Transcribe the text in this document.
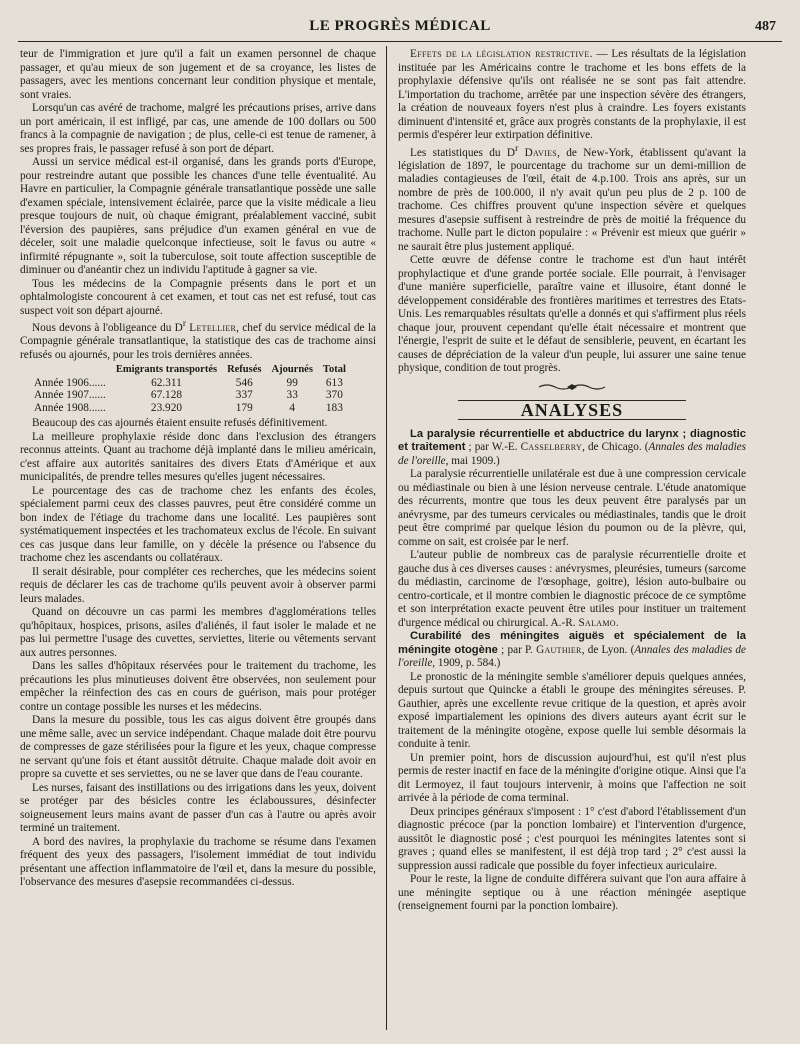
LE PROGRÈS MÉDICAL	487

teur de l'immigration et jure qu'il a fait un examen personnel de chaque passager, et qu'au mieux de son jugement et de sa croyance, les listes de passagers, avec les mentions concernant leur condition physique et mentale, sont vraies.

Lorsqu'un cas avéré de trachome, malgré les précautions prises, arrive dans un port américain, il est infligé, par cas, une amende de 100 dollars ou 500 francs à la compagnie de navigation ; de plus, celle-ci est tenue de ramener, à ses propres frais, le passager refusé à son port de départ.

Aussi un service médical est-il organisé, dans les grands ports d'Europe, pour restreindre autant que possible les chances d'une telle éventualité. Au Havre en particulier, la Compagnie générale transatlantique possède une salle d'examen spéciale, intensivement éclairée, parce que la visite médicale a lieu presque toujours de nuit, où chaque émigrant, préalablement vacciné, subit l'éversion des paupières, sans préjudice d'un examen général en vue de déceler, soit une maladie quelconque infectieuse, soit le favus ou autre « infirmité répugnante », soit la tuberculose, soit toute affection susceptible de diminuer ou d'anéantir chez un individu l'aptitude à gagner sa vie.

Tous les médecins de la Compagnie présents dans le port et un ophtalmologiste concourent à cet examen, et tout cas net est refusé, tout cas suspect voit son départ ajourné.

Nous devons à l'obligeance du $D^r$ Letellier, chef du service médical de la Compagnie générale transatlantique, la statistique des cas de trachome ainsi refusés ou ajournés, pour les trois dernières années.

	Emigrants transportés	Refusés	Ajournés	Total
Année 1906......	62.311	546	99	613
Année 1907......	67.128	337	33	370
Année 1908......	23.920	179	4	183

Beaucoup des cas ajournés étaient ensuite refusés définitivement.

La meilleure prophylaxie réside donc dans l'exclusion des étrangers reconnus atteints. Quant au trachome déjà implanté dans le milieu américain, c'est affaire aux autorités sanitaires des divers Etats d'Amérique et aux municipalités, de prendre telles mesures qu'elles jugent nécessaires.

Le pourcentage des cas de trachome chez les enfants des écoles, spécialement parmi ceux des classes pauvres, peut être considéré comme un bon index de l'étiage du trachome dans une localité. Les paupières sont systématiquement inspectées et les trachomateux exclus de l'école. En suivant ces cas jusque dans leur famille, on y décèle la présence ou l'absence du trachome chez les ascendants ou collatéraux.

Il serait désirable, pour compléter ces recherches, que les médecins soient requis de déclarer les cas de trachome qu'ils peuvent avoir à observer parmi leurs malades.

Quand on découvre un cas parmi les membres d'agglomérations telles qu'hôpitaux, hospices, prisons, asiles d'aliénés, il faut isoler le malade et ne pas lui permettre l'usage des cuvettes, serviettes, literie ou vêtements servant aux autres personnes.

Dans les salles d'hôpitaux réservées pour le traitement du trachome, les précautions les plus minutieuses doivent être observées, non seulement pour empêcher la réinfection des cas en cours de guérison, mais pour protéger contre un contage possible les nurses et les médecins.

Dans la mesure du possible, tous les cas aigus doivent être groupés dans une même salle, avec un service indépendant. Chaque malade doit être pourvu de compresses de gaze stérilisées pour la figure et les yeux, chaque compresse ne servant qu'une fois et étant aussitôt détruite. Chaque malade doit avoir en propre sa cuvette et ses serviettes, ou ne se laver que dans de l'eau courante.

Les nurses, faisant des instillations ou des irrigations dans les yeux, doivent se protéger par des bésicles contre les éclaboussures, désinfecter soigneusement leurs mains avant de passer d'un cas à l'autre ou après avoir terminé un traitement.

A bord des navires, la prophylaxie du trachome se résume dans l'examen fréquent des yeux des passagers, l'isolement immédiat de tout individu présentant une affection inflammatoire de l'œil et, dans la mesure du possible, l'observance des mesures d'asepsie recommandées ci-dessus.

Effets de la législation restrictive. — Les résultats de la législation instituée par les Américains contre le trachome et les bons effets de la prophylaxie défensive qu'ils ont réalisée ne se sont pas fait attendre. L'importation du trachome, arrêtée par une inspection sévère des étrangers, la création de nouveaux foyers n'est plus à craindre. Les foyers existants diminuent d'intensité et, grâce aux progrès constants de la prophylaxie, il est permis d'espérer leur extirpation définitive.

Les statistiques du $D^r$ Davies, de New-York, établissent qu'avant la législation de 1897, le pourcentage du trachome sur un demi-million de maladies contagieuses de l'œil, était de 4.p.100. Trois ans après, sur un nombre de près de 100.000, il n'y avait qu'un peu plus de 2 p. 100 de trachome. Ces chiffres prouvent qu'une inspection sévère et quelques mesures d'asepsie suffisent à restreindre de près de moitié la fréquence du trachome. Nulle part le dicton populaire : « Prévenir est mieux que guérir » ne saurait être plus justement appliqué.

Cette œuvre de défense contre le trachome est d'un haut intérêt prophylactique et d'une grande portée sociale. Elle pourrait, à l'envisager d'une manière superficielle, paraître vaine et illusoire, étant donné le développement considérable des frontières maritimes et terrestres des Etats-Unis. Les remarquables résultats qu'elle a donnés et qui s'affirment plus réels chaque jour, prouvent cependant qu'elle était nécessaire et montrent que l'énergie, l'esprit de suite et le défaut de sensiblerie, peuvent, en écartant les causes de dépréciation de la valeur d'un peuple, lui assurer une saine tenue physique, condition de tout progrès.

ANALYSES

La paralysie récurrentielle et abductrice du larynx ; diagnostic et traitement ; par W.-E. Casselberry, de Chicago. (Annales des maladies de l'oreille, mai 1909.)

La paralysie récurrentielle unilatérale est due à une compression cervicale ou médiastinale ou bien à une lésion nerveuse centrale. L'étude anatomique des récurrents, montre que tous les deux peuvent être paralysés par un anévrysme, par des tumeurs cervicales ou médiastinales, tandis que le droit peut être comprimé par quelque lésion du poumon ou de la plèvre, qui, comme on sait, est croisée par le nerf.

L'auteur publie de nombreux cas de paralysie récurrentielle droite et gauche dus à ces diverses causes : anévrysmes, pleurésies, tumeurs (sarcome du médiastin, carcinome de l'œsophage, goitre), lésion auto-bulbaire ou centro-corticale, et il montre combien le diagnostic précoce de ce symptôme et son interprétation exacte peuvent être utiles pour instituer un traitement d'urgence médical ou chirurgical. A.-R. Salamo.

Curabilité des méningites aiguës et spécialement de la méningite otogène ; par P. Gauthier, de Lyon. (Annales des maladies de l'oreille, 1909, p. 584.)

Le pronostic de la méningite semble s'améliorer depuis quelques années, depuis surtout que Quincke a établi le groupe des méningites séreuses. P. Gauthier, après une excellente revue critique de la question, et après avoir exposé impartialement les opinions des divers auteurs ayant écrit sur le traitement de la méningite otogène, expose quelle lui semble désormais la conduite à tenir.

Un premier point, hors de discussion aujourd'hui, est qu'il n'est plus permis de rester inactif en face de la méningite d'origine otique. Ainsi que l'a dit Lermoyez, il faut toujours intervenir, à moins que l'affection ne soit arrivée à la période de coma terminal.

Deux principes généraux s'imposent : 1° c'est d'abord l'établissement d'un diagnostic précoce (par la ponction lombaire) et l'intervention d'urgence, aussitôt le diagnostic posé ; c'est pourquoi les méningites latentes sont si graves ; quand elles se manifestent, il est déjà trop tard ; 2° c'est aussi la suppression aussi radicale que possible du foyer infectieux auriculaire.

Pour le reste, la ligne de conduite différera suivant que l'on aura affaire à une méningite septique ou à une réaction méningée aseptique (renseignement fourni par la ponction lombaire).
